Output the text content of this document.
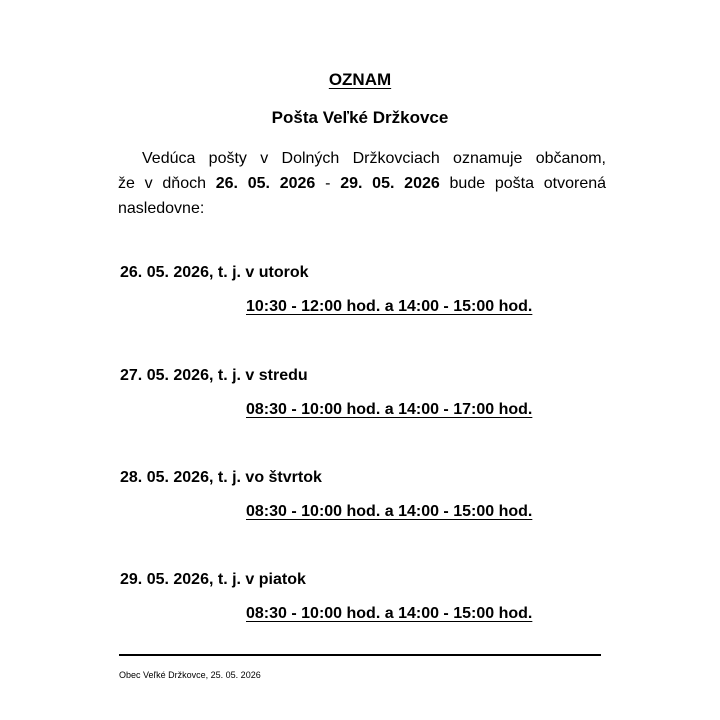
OZNAM
Pošta Veľké Držkovce
Vedúca pošty v Dolných Držkovciach oznamuje občanom,
že v dňoch 26. 05. 2026 - 29. 05. 2026 bude pošta otvorená
nasledovne:
26. 05. 2026, t. j. v utorok
10:30 - 12:00 hod. a 14:00 - 15:00 hod.
27. 05. 2026, t. j. v stredu
08:30 - 10:00 hod. a 14:00 - 17:00 hod.
28. 05. 2026, t. j. vo štvrtok
08:30 - 10:00 hod. a 14:00 - 15:00 hod.
29. 05. 2026, t. j. v piatok
08:30 - 10:00 hod. a 14:00 - 15:00 hod.
Obec Veľké Držkovce, 25. 05. 2026
